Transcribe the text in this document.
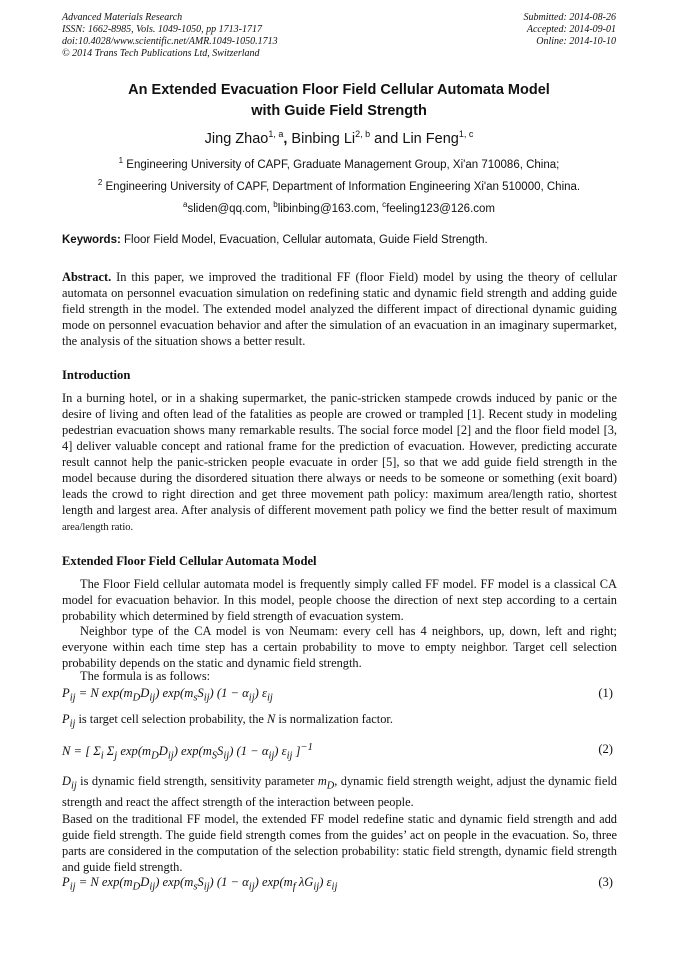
Advanced Materials Research
ISSN: 1662-8985, Vols. 1049-1050, pp 1713-1717
doi:10.4028/www.scientific.net/AMR.1049-1050.1713
© 2014 Trans Tech Publications Ltd, Switzerland
Submitted: 2014-08-26
Accepted: 2014-09-01
Online: 2014-10-10
An Extended Evacuation Floor Field Cellular Automata Model
with Guide Field Strength
Jing Zhao$^{1, a}$, Binbing Li$^{2, b}$ and Lin Feng$^{1, c}$
$^1$ Engineering University of CAPF, Graduate Management Group, Xi'an 710086, China;
$^2$ Engineering University of CAPF, Department of Information Engineering Xi'an 510000, China.
$^a$sliden@qq.com, $^b$libinbing@163.com, $^c$feeling123@126.com
Keywords: Floor Field Model, Evacuation, Cellular automata, Guide Field Strength.
Abstract. In this paper, we improved the traditional FF (floor Field) model by using the theory of cellular automata on personnel evacuation simulation on redefining static and dynamic field strength and adding guide field strength in the model. The extended model analyzed the different impact of directional dynamic guiding mode on personnel evacuation behavior and after the simulation of an evacuation in an imaginary supermarket, the analysis of the situation shows a better result.
Introduction
In a burning hotel, or in a shaking supermarket, the panic-stricken stampede crowds induced by panic or the desire of living and often lead of the fatalities as people are crowed or trampled [1]. Recent study in modeling pedestrian evacuation shows many remarkable results. The social force model [2] and the floor field model [3, 4] deliver valuable concept and rational frame for the prediction of evacuation. However, predicting accurate result cannot help the panic-stricken people evacuate in order [5], so that we add guide field strength in the model because during the disordered situation there always or needs to be someone or something (exit board) leads the crowd to right direction and get three movement path policy: maximum area/length ratio, shortest length and largest area. After analysis of different movement path policy we find the better result of maximum area/length ratio.
Extended Floor Field Cellular Automata Model
The Floor Field cellular automata model is frequently simply called FF model. FF model is a classical CA model for evacuation behavior. In this model, people choose the direction of next step according to a certain probability which determined by field strength of evacuation system.
Neighbor type of the CA model is von Neumam: every cell has 4 neighbors, up, down, left and right; everyone within each time step has a certain probability to move to empty neighbor. Target cell selection probability depends on the static and dynamic field strength.
The formula is as follows:
$P_{ij} = N$ $\exp(m_DD_{ij})$ $\exp(m_sS_{ij}) (1 - \alpha_{ij})$ $\varepsilon_{ij}$	(1)
$P_{ij}$ is target cell selection probability, the N is normalization factor.
N = [ $\Sigma_i$ $\Sigma_j$ $\exp(m_DD_{ij})$ $\exp(m_SS_{ij}) (1 - \alpha_{ij})$ $\varepsilon_{ij}$ ]$^{-1}$	(2)
$D_{ij}$ is dynamic field strength, sensitivity parameter $m_D$, dynamic field strength weight, adjust the dynamic field strength and react the affect strength of the interaction between people.
Based on the traditional FF model, the extended FF model redefine static and dynamic field strength and add guide field strength. The guide field strength comes from the guides’ act on people in the evacuation. So, three parts are considered in the computation of the selection probability: static field strength, dynamic field strength and guide field strength.
$P_{ij} = N$ $\exp(m_DD_{ij})$ $\exp(m_sS_{ij}) (1 - \alpha_{ij})$ $\exp(m_f$ $\lambda G_{ij}$) $\varepsilon_{ij}$	(3)
